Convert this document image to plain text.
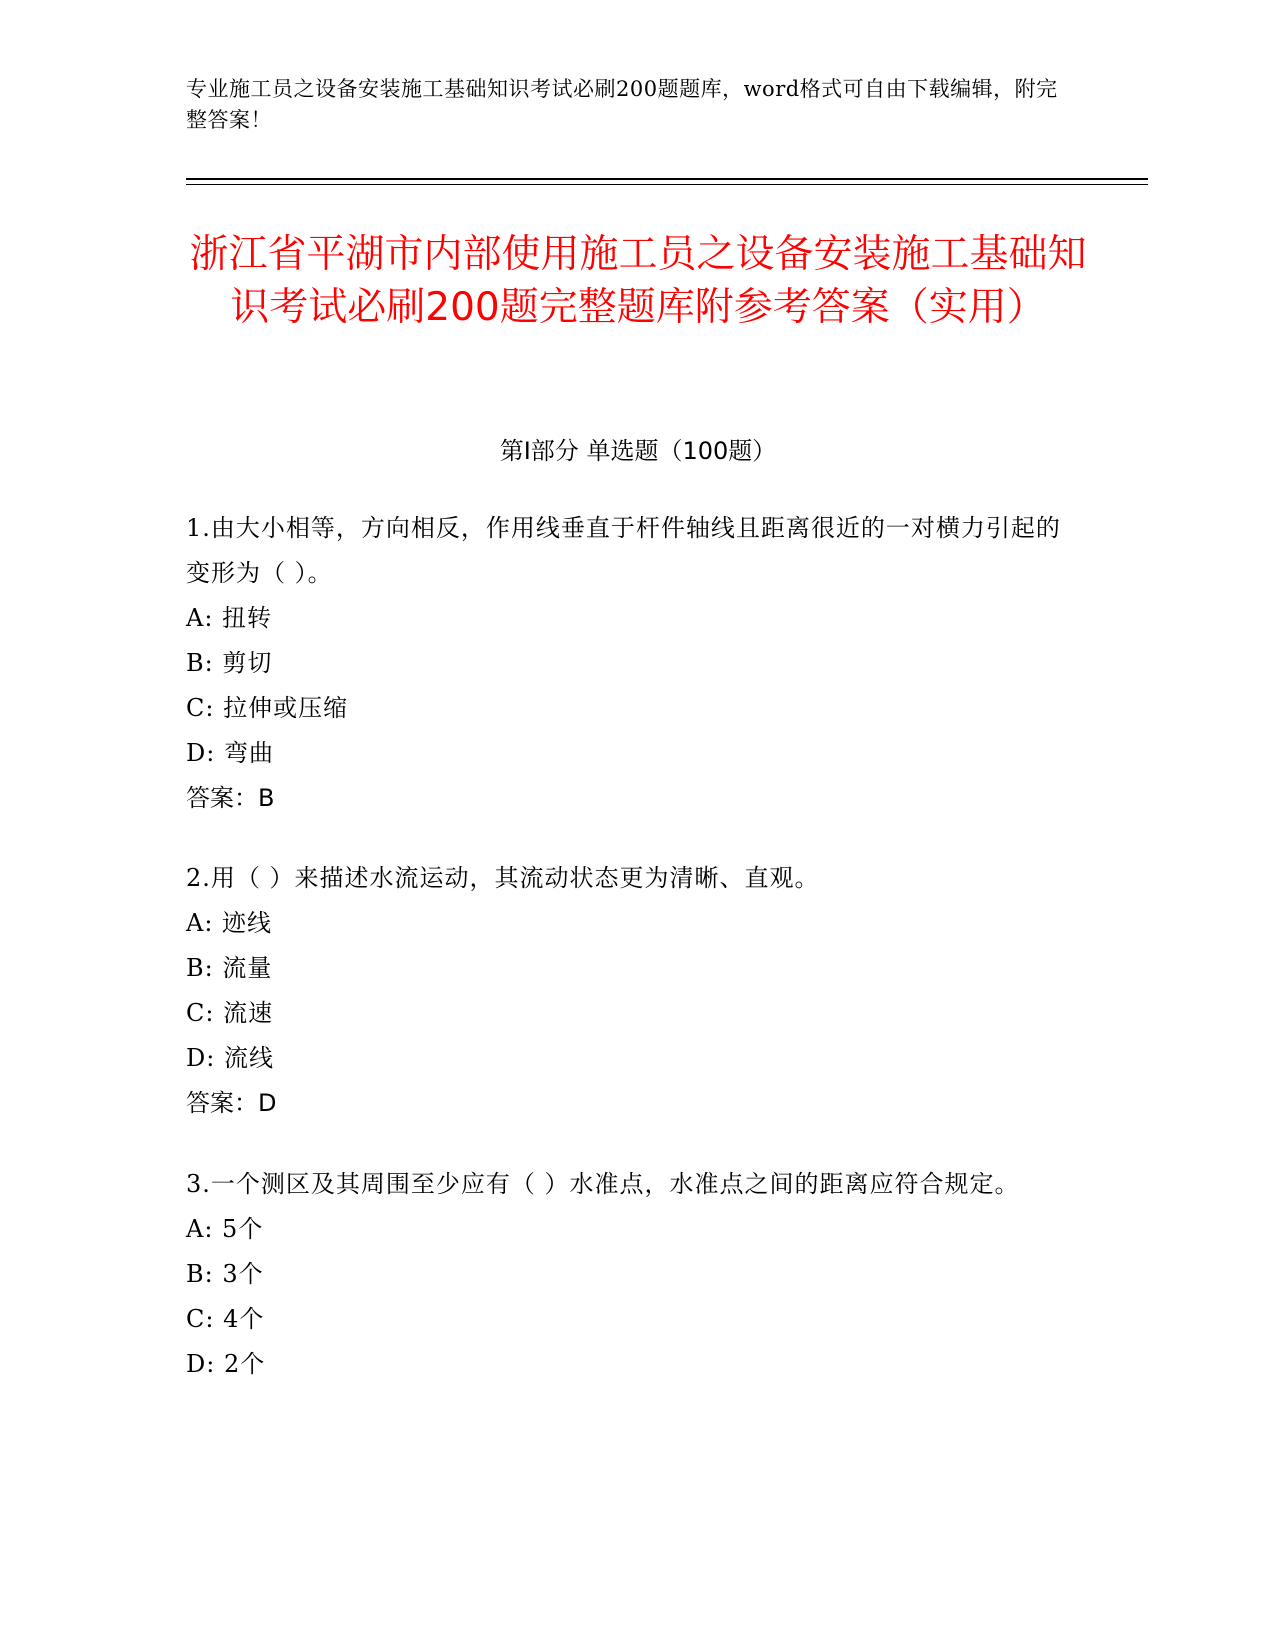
专业施工员之设备安装施工基础知识考试必刷200题题库，word格式可自由下载编辑，附完整答案！
浙江省平湖市内部使用施工员之设备安装施工基础知识考试必刷200题完整题库附参考答案（实用）
第Ⅰ部分 单选题（100题）
1.由大小相等，方向相反，作用线垂直于杆件轴线且距离很近的一对横力引起的变形为（ ）。
A: 扭转
B: 剪切
C: 拉伸或压缩
D: 弯曲
答案：B
2.用（ ）来描述水流运动，其流动状态更为清晰、直观。
A: 迹线
B: 流量
C: 流速
D: 流线
答案：D
3.一个测区及其周围至少应有（ ）水准点，水准点之间的距离应符合规定。
A: 5个
B: 3个
C: 4个
D: 2个
